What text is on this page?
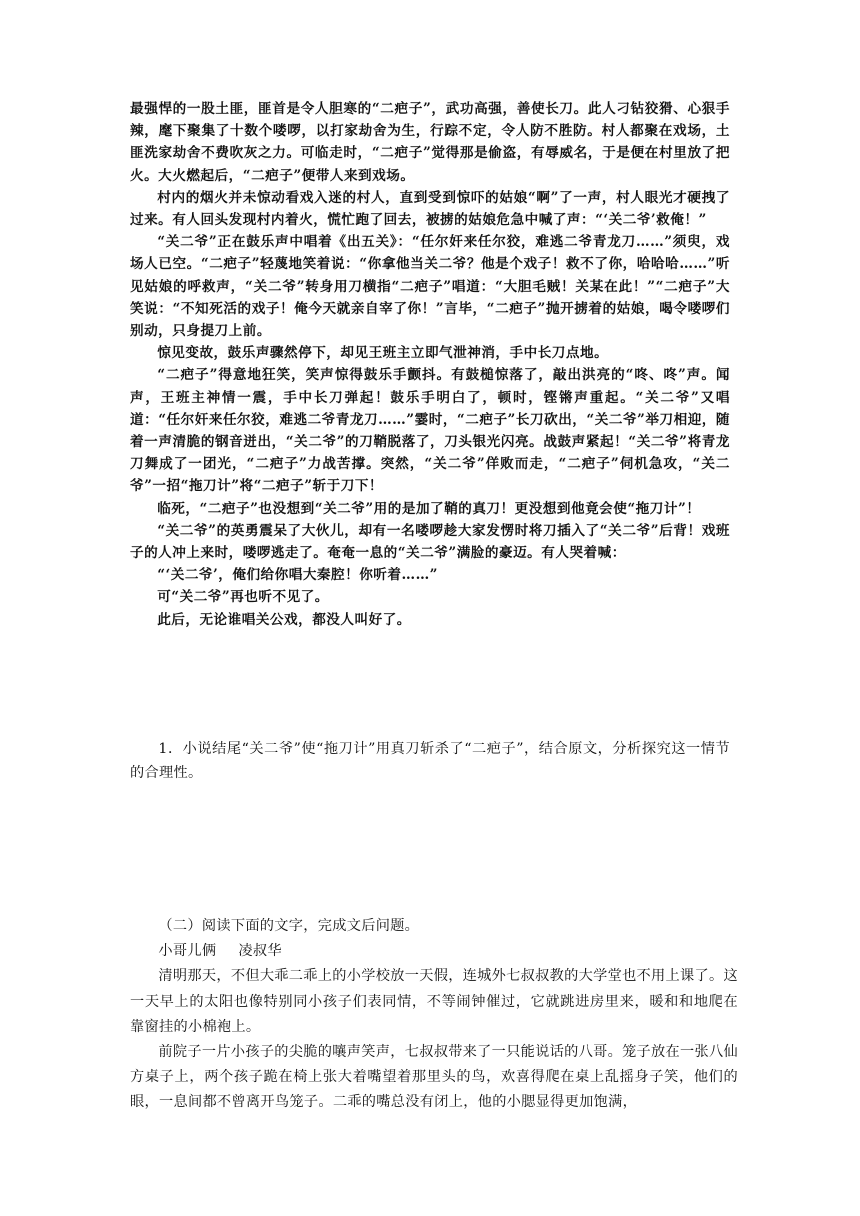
最强悍的一股土匪，匪首是令人胆寒的“二疤子”，武功高强，善使长刀。此人刁钻狡猾、心狠手辣，麾下聚集了十数个喽啰，以打家劫舍为生，行踪不定，令人防不胜防。村人都聚在戏场，土匪洗家劫舍不费吹灰之力。可临走时，“二疤子”觉得那是偷盗，有辱威名，于是便在村里放了把火。大火燃起后，“二疤子”便带人来到戏场。

村内的烟火并未惊动看戏入迷的村人，直到受到惊吓的姑娘“啊”了一声，村人眼光才硬拽了过来。有人回头发现村内着火，慌忙跑了回去，被掳的姑娘危急中喊了声：“‘关二爷’救俺！”

“关二爷”正在鼓乐声中唱着《出五关》：“任尔奸来任尔狡，难逃二爷青龙刀……”须臾，戏场人已空。“二疤子”轻蔑地笑着说：“你拿他当关二爷？他是个戏子！救不了你，哈哈哈……”听见姑娘的呼救声，“关二爷”转身用刀横指“二疤子”唱道：“大胆毛贼！关某在此！”“二疤子”大笑说：“不知死活的戏子！俺今天就亲自宰了你！”言毕，“二疤子”抛开掳着的姑娘，喝令喽啰们别动，只身提刀上前。

惊见变故，鼓乐声骤然停下，却见王班主立即气泄神消，手中长刀点地。

“二疤子”得意地狂笑，笑声惊得鼓乐手颤抖。有鼓槌惊落了，敲出洪亮的“咚、咚”声。闻声，王班主神情一震，手中长刀弹起！鼓乐手明白了，顿时，铿锵声重起。“关二爷”又唱道：“任尔奸来任尔狡，难逃二爷青龙刀……”霎时，“二疤子”长刀砍出，“关二爷”举刀相迎，随着一声清脆的钢音迸出，“关二爷”的刀鞘脱落了，刀头银光闪亮。战鼓声紧起！“关二爷”将青龙刀舞成了一团光，“二疤子”力战苦撑。突然，“关二爷”佯败而走，“二疤子”伺机急攻，“关二爷”一招“拖刀计”将“二疤子”斩于刀下！

临死，“二疤子”也没想到“关二爷”用的是加了鞘的真刀！更没想到他竟会使“拖刀计”！

“关二爷”的英勇震呆了大伙儿，却有一名喽啰趁大家发愣时将刀插入了“关二爷”后背！戏班子的人冲上来时，喽啰逃走了。奄奄一息的“关二爷”满脸的豪迈。有人哭着喊：

“‘关二爷’，俺们给你唱大秦腔！你听着……”

可“关二爷”再也听不见了。

此后，无论谁唱关公戏，都没人叫好了。

1．小说结尾“关二爷”使“拖刀计”用真刀斩杀了“二疤子”，结合原文，分析探究这一情节的合理性。

（二）阅读下面的文字，完成文后问题。

小哥儿俩 凌叔华

清明那天，不但大乖二乖上的小学校放一天假，连城外七叔叔教的大学堂也不用上课了。这一天早上的太阳也像特别同小孩子们表同情，不等闹钟催过，它就跳进房里来，暖和和地爬在靠窗挂的小棉袍上。

前院子一片小孩子的尖脆的嚷声笑声，七叔叔带来了一只能说话的八哥。笼子放在一张八仙方桌子上，两个孩子跪在椅上张大着嘴望着那里头的鸟，欢喜得爬在桌上乱摇身子笑，他们的眼，一息间都不曾离开鸟笼子。二乖的嘴总没有闭上，他的小腮显得更加饱满，
